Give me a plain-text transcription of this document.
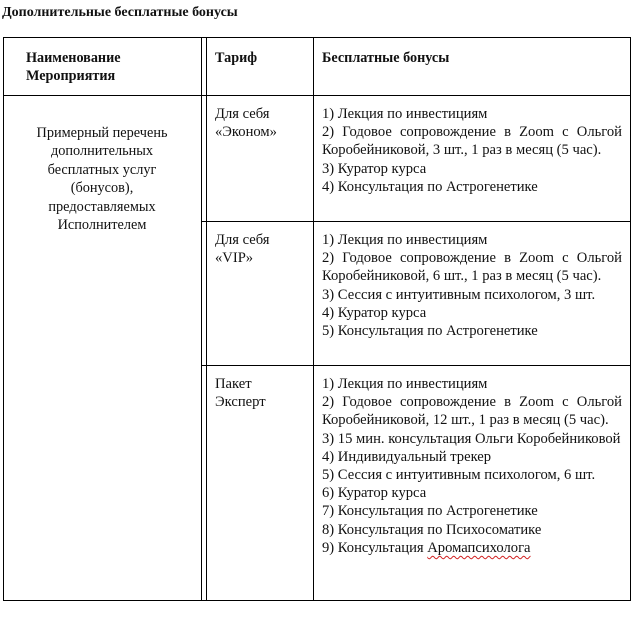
Дополнительные бесплатные бонусы
Наименование
Мероприятия
Тариф	Бесплатные бонусы
Примерный перечень
дополнительных
бесплатных услуг
(бонусов),
предоставляемых
Исполнителем
Для себя
«Эконом»
1) Лекция по инвестициям
2) Годовое сопровождение в Zoom с Ольгой Коробейниковой, 3 шт., 1 раз в месяц (5 час).
3) Куратор курса
4) Консультация по Астрогенетике
Для себя
«VIP»
1) Лекция по инвестициям
2) Годовое сопровождение в Zoom с Ольгой Коробейниковой, 6 шт., 1 раз в месяц (5 час).
3) Сессия с интуитивным психологом, 3 шт.
4) Куратор курса
5) Консультация по Астрогенетике
Пакет
Эксперт
1) Лекция по инвестициям
2) Годовое сопровождение в Zoom с Ольгой Коробейниковой, 12 шт., 1 раз в месяц (5 час).
3) 15 мин. консультация Ольги Коробейниковой
4) Индивидуальный трекер
5) Сессия с интуитивным психологом, 6 шт.
6) Куратор курса
7) Консультация по Астрогенетике
8) Консультация по Психосоматике
9) Консультация Аромапсихолога
